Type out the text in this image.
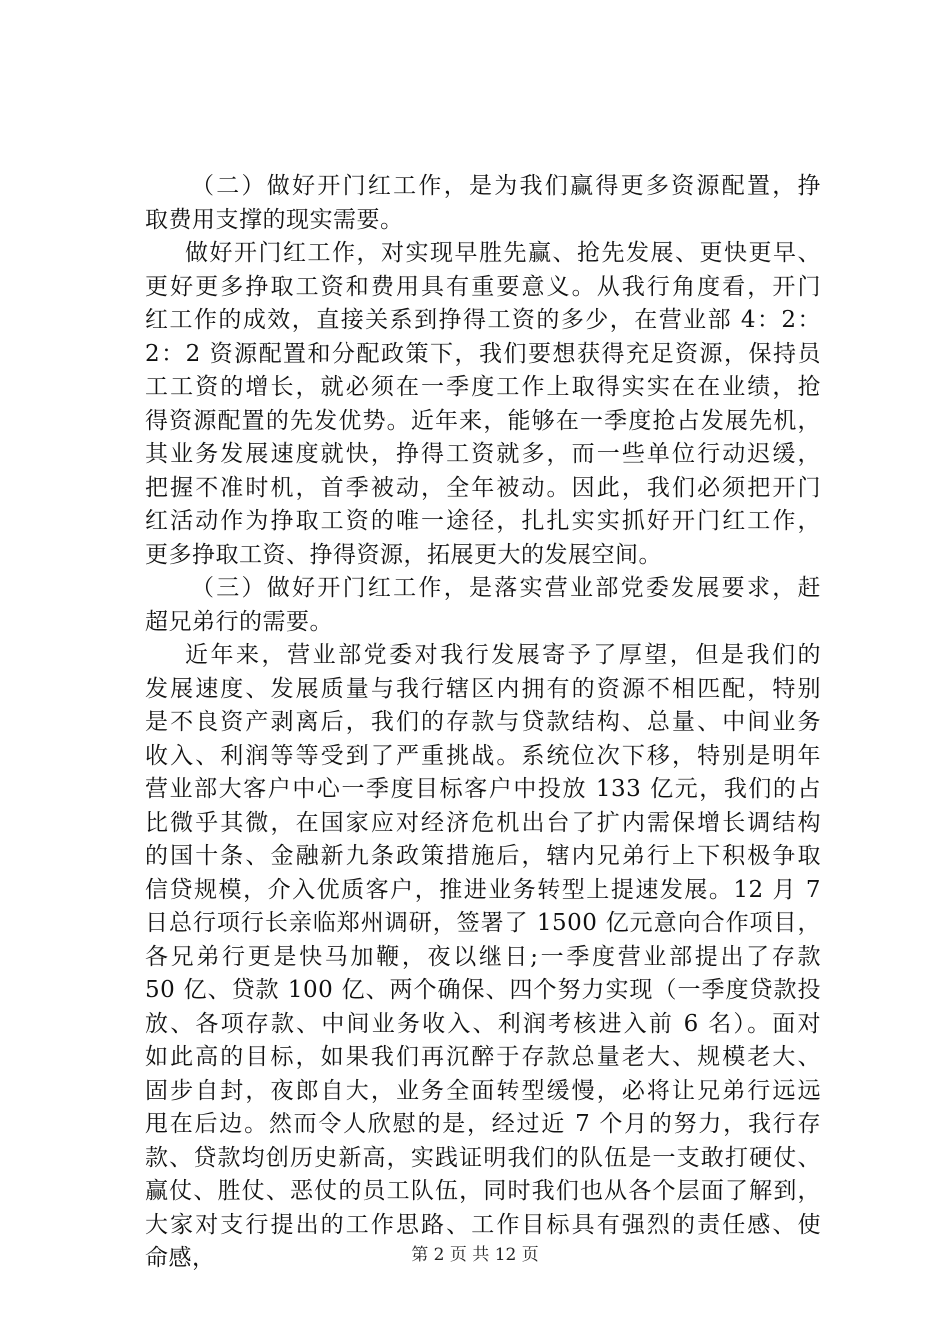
（二）做好开门红工作，是为我们赢得更多资源配置，挣
取费用支撑的现实需要。
做好开门红工作，对实现早胜先赢、抢先发展、更快更早、
更好更多挣取工资和费用具有重要意义。从我行角度看，开门
红工作的成效，直接关系到挣得工资的多少，在营业部 4：2：
2：2 资源配置和分配政策下，我们要想获得充足资源，保持员
工工资的增长，就必须在一季度工作上取得实实在在业绩，抢
得资源配置的先发优势。近年来，能够在一季度抢占发展先机，
其业务发展速度就快，挣得工资就多，而一些单位行动迟缓，
把握不准时机，首季被动，全年被动。因此，我们必须把开门
红活动作为挣取工资的唯一途径，扎扎实实抓好开门红工作，
更多挣取工资、挣得资源，拓展更大的发展空间。
（三）做好开门红工作，是落实营业部党委发展要求，赶
超兄弟行的需要。
近年来，营业部党委对我行发展寄予了厚望，但是我们的
发展速度、发展质量与我行辖区内拥有的资源不相匹配，特别
是不良资产剥离后，我们的存款与贷款结构、总量、中间业务
收入、利润等等受到了严重挑战。系统位次下移，特别是明年
营业部大客户中心一季度目标客户中投放 133 亿元，我们的占
比微乎其微，在国家应对经济危机出台了扩内需保增长调结构
的国十条、金融新九条政策措施后，辖内兄弟行上下积极争取
信贷规模，介入优质客户，推进业务转型上提速发展。12 月 7
日总行项行长亲临郑州调研，签署了 1500 亿元意向合作项目，
各兄弟行更是快马加鞭，夜以继日;一季度营业部提出了存款
50 亿、贷款 100 亿、两个确保、四个努力实现（一季度贷款投
放、各项存款、中间业务收入、利润考核进入前 6 名）。面对
如此高的目标，如果我们再沉醉于存款总量老大、规模老大、
固步自封，夜郎自大，业务全面转型缓慢，必将让兄弟行远远
甩在后边。然而令人欣慰的是，经过近 7 个月的努力，我行存
款、贷款均创历史新高，实践证明我们的队伍是一支敢打硬仗、
赢仗、胜仗、恶仗的员工队伍，同时我们也从各个层面了解到，
大家对支行提出的工作思路、工作目标具有强烈的责任感、使
命感，	第 2 页 共 12 页
